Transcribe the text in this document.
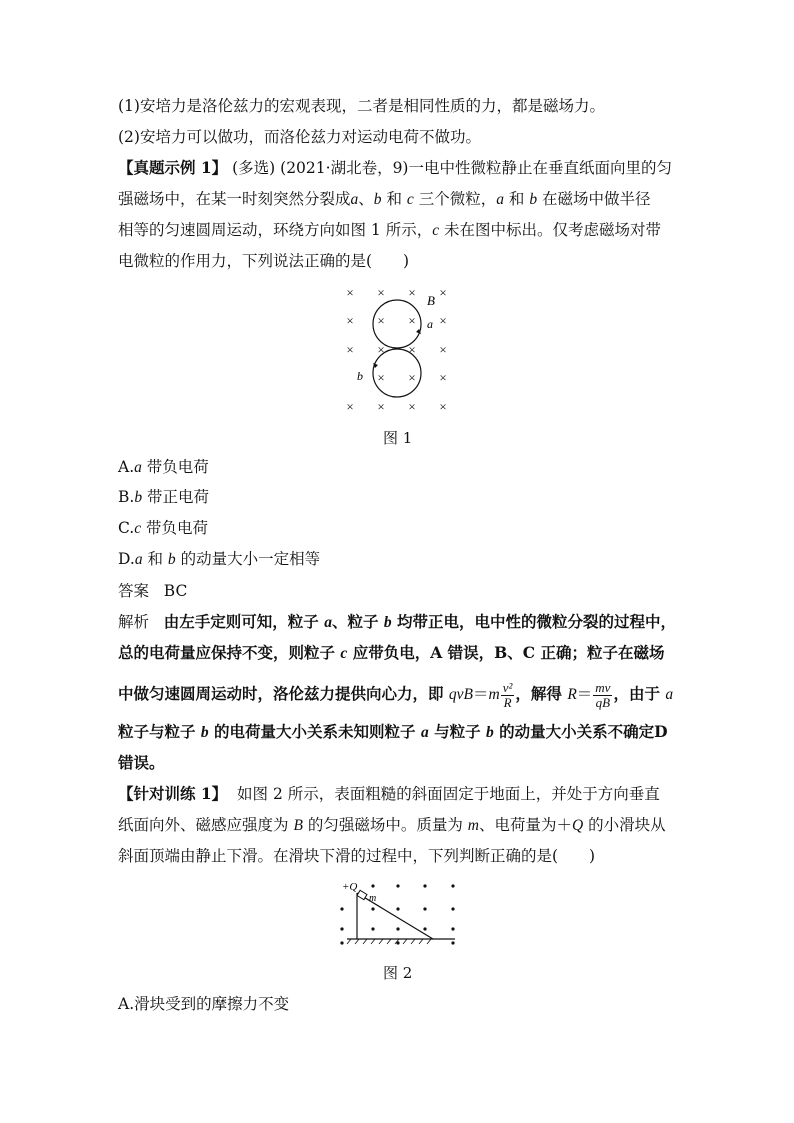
(1)安培力是洛伦兹力的宏观表现，二者是相同性质的力，都是磁场力。
(2)安培力可以做功，而洛伦兹力对运动电荷不做功。
【真题示例 1】 (多选) (2021·湖北卷，9)一电中性微粒静止在垂直纸面向里的匀
强磁场中，在某一时刻突然分裂成a、b 和 c 三个微粒，a 和 b 在磁场中做半径
相等的匀速圆周运动，环绕方向如图 1 所示，c 未在图中标出。仅考虑磁场对带
电微粒的作用力，下列说法正确的是(　　)
× × × ×
× × × ×
× × × ×
× × ×
× × × ×
B
a
b
图 1
A.a 带负电荷
B.b 带正电荷
C.c 带负电荷
D.a 和 b 的动量大小一定相等
答案 BC
解析 由左手定则可知，粒子 a、粒子 b 均带正电，电中性的微粒分裂的过程中，
总的电荷量应保持不变，则粒子 c 应带负电，A 错误，B、C 正确；粒子在磁场
中做匀速圆周运动时，洛伦兹力提供向心力，即 $qvB=m \frac{\text{v²}}{R}$ ，解得 $R= \frac{mv}{qB}$ ，由于 a
粒子与粒子 b 的电荷量大小关系未知则粒子 a 与粒子 b 的动量大小关系不确定D
错误。
【针对训练 1】 如图 2 所示，表面粗糙的斜面固定于地面上，并处于方向垂直
纸面向外、磁感应强度为 B 的匀强磁场中。质量为 m、电荷量为＋Q 的小滑块从
斜面顶端由静止下滑。在滑块下滑的过程中，下列判断正确的是(　　)
+Q
m
图 2
A.滑块受到的摩擦力不变
